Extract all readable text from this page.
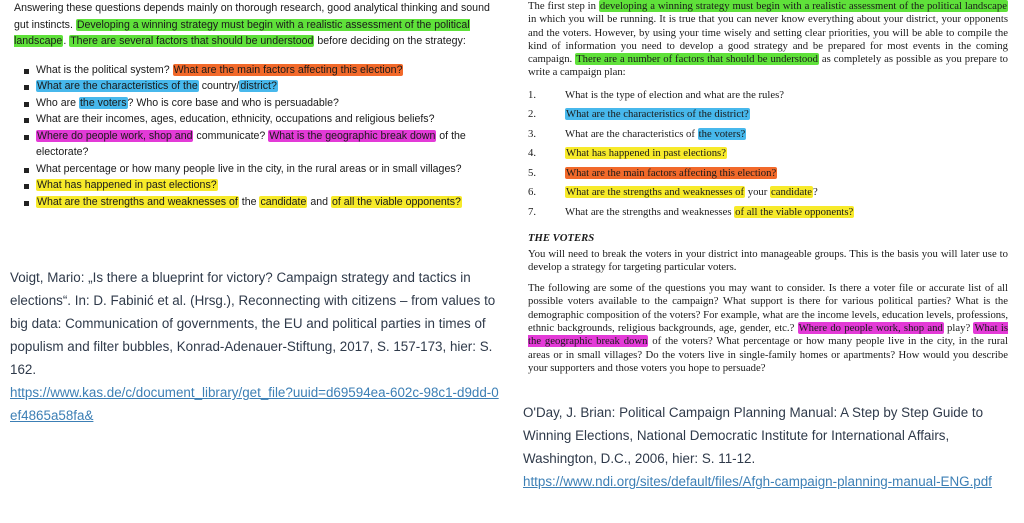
Answering these questions depends mainly on thorough research, good analytical thinking and sound gut instincts. Developing a winning strategy must begin with a realistic assessment of the political landscape. There are several factors that should be understood before deciding on the strategy:

What is the political system? What are the main factors affecting this election?
What are the characteristics of the country/district?
Who are the voters? Who is core base and who is persuadable?
What are their incomes, ages, education, ethnicity, occupations and religious beliefs?
Where do people work, shop and communicate? What is the geographic break down of the electorate?
What percentage or how many people live in the city, in the rural areas or in small villages?
What has happened in past elections?
What are the strengths and weaknesses of the candidate and of all the viable opponents?
Voigt, Mario: „Is there a blueprint for victory? Campaign strategy and tactics in elections“. In: D. Fabinić et al. (Hrsg.), Reconnecting with citizens – from values to big data: Communication of governments, the EU and political parties in times of populism and filter bubbles, Konrad-Adenauer-Stiftung, 2017, S. 157-173, hier: S. 162.
https://www.kas.de/c/document_library/get_file?uuid=d69594ea-602c-98c1-d9dd-0ef4865a58fa&

The first step in developing a winning strategy must begin with a realistic assessment of the political landscape in which you will be running. It is true that you can never know everything about your district, your opponents and the voters. However, by using your time wisely and setting clear priorities, you will be able to compile the kind of information you need to develop a good strategy and be prepared for most events in the coming campaign. There are a number of factors that should be understood as completely as possible as you prepare to write a campaign plan:

1.	What is the type of election and what are the rules?
2.	What are the characteristics of the district?
3.	What are the characteristics of the voters?
4.	What has happened in past elections?
5.	What are the main factors affecting this election?
6.	What are the strengths and weaknesses of your candidate?
7.	What are the strengths and weaknesses of all the viable opponents?
THE VOTERS

You will need to break the voters in your district into manageable groups. This is the basis you will later use to develop a strategy for targeting particular voters.

The following are some of the questions you may want to consider. Is there a voter file or accurate list of all possible voters available to the campaign? What support is there for various political parties? What is the demographic composition of the voters? For example, what are the income levels, education levels, professions, ethnic backgrounds, religious backgrounds, age, gender, etc.? Where do people work, shop and play? What is the geographic break down of the voters? What percentage or how many people live in the city, in the rural areas or in small villages? Do the voters live in single-family homes or apartments? How would you describe your supporters and those voters you hope to persuade?

O'Day, J. Brian: Political Campaign Planning Manual: A Step by Step Guide to Winning Elections, National Democratic Institute for International Affairs, Washington, D.C., 2006, hier: S. 11-12.
https://www.ndi.org/sites/default/files/Afgh-campaign-planning-manual-ENG.pdf
